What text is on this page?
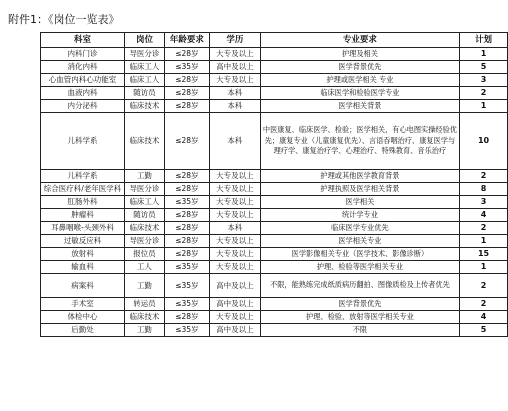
附件1：《岗位一览表》
科室	岗位	年龄要求	学历	专业要求	计划
内科门诊	导医分诊	≤28岁	大专及以上	护理及相关	1
消化内科	临床工人	≤35岁	高中及以上	医学背景优先	5
心血管内科心功能室	临床工人	≤28岁	大专及以上	护理或医学相关 专业	3
血液内科	随访员	≤28岁	本科	临床医学和检验医学专业	2
内分泌科	临床技术	≤28岁	本科	医学相关背景	1
儿科学系	临床技术	≤28岁	本科	中医康复、临床医学、检验；医学相关，有心电图实操经验优先；康复专业（儿童康复优先）、言语吞咽治疗、康复医学与理疗学、康复治疗学、心理治疗、特殊教育、音乐治疗	10
儿科学系	工勤	≤28岁	大专及以上	护理或其他医学教育背景	2
综合医疗科/老年医学科	导医分诊	≤28岁	大专及以上	护理执照及医学相关背景	8
肛肠外科	临床工人	≤35岁	大专及以上	医学相关	3
肿瘤科	随访员	≤28岁	大专及以上	统计学专业	4
耳鼻咽喉-头颈外科	临床技术	≤28岁	本科	临床医学专业优先	2
过敏反应科	导医分诊	≤28岁	大专及以上	医学相关专业	1
放射科	报位员	≤28岁	大专及以上	医学影像相关专业（医学技术、影像诊断）	15
输血科	工人	≤35岁	大专及以上	护理、检验等医学相关专业	1
病案科	工勤	≤35岁	高中及以上	不限，能熟练完成纸质病历翻拍、图像质检及上传者优先	2
手术室	转运员	≤35岁	高中及以上	医学背景优先	2
体检中心	临床技术	≤28岁	大专及以上	护理、检验、放射等医学相关专业	4
后勤处	工勤	≤35岁	高中及以上	不限	5
